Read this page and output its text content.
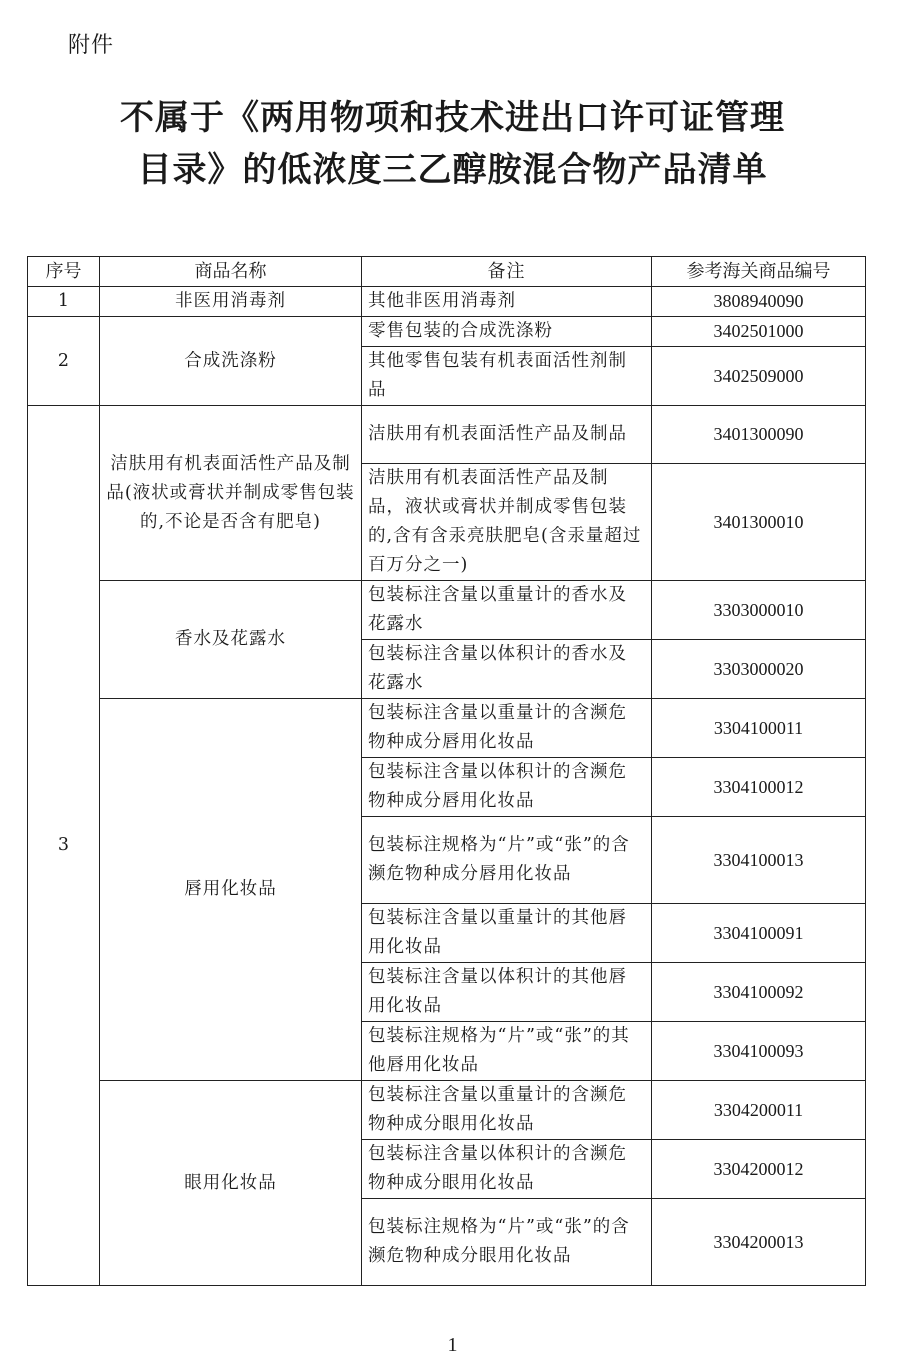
附件
不属于《两用物项和技术进出口许可证管理
目录》的低浓度三乙醇胺混合物产品清单
序号	商品名称	备注	参考海关商品编号
1	非医用消毒剂	其他非医用消毒剂	3808940090
2	合成洗涤粉	零售包装的合成洗涤粉	3402501000
		其他零售包装有机表面活性剂制品	3402509000
3	洁肤用有机表面活性产品及制品(液状或膏状并制成零售包装的,不论是否含有肥皂)	洁肤用有机表面活性产品及制品	3401300090
		洁肤用有机表面活性产品及制品，液状或膏状并制成零售包装的,含有含汞亮肤肥皂(含汞量超过百万分之一)	3401300010
	香水及花露水	包装标注含量以重量计的香水及花露水	3303000010
		包装标注含量以体积计的香水及花露水	3303000020
	唇用化妆品	包装标注含量以重量计的含濒危物种成分唇用化妆品	3304100011
		包装标注含量以体积计的含濒危物种成分唇用化妆品	3304100012
		包装标注规格为“片”或“张”的含濒危物种成分唇用化妆品	3304100013
		包装标注含量以重量计的其他唇用化妆品	3304100091
		包装标注含量以体积计的其他唇用化妆品	3304100092
		包装标注规格为“片”或“张”的其他唇用化妆品	3304100093
	眼用化妆品	包装标注含量以重量计的含濒危物种成分眼用化妆品	3304200011
		包装标注含量以体积计的含濒危物种成分眼用化妆品	3304200012
		包装标注规格为“片”或“张”的含濒危物种成分眼用化妆品	3304200013
1
